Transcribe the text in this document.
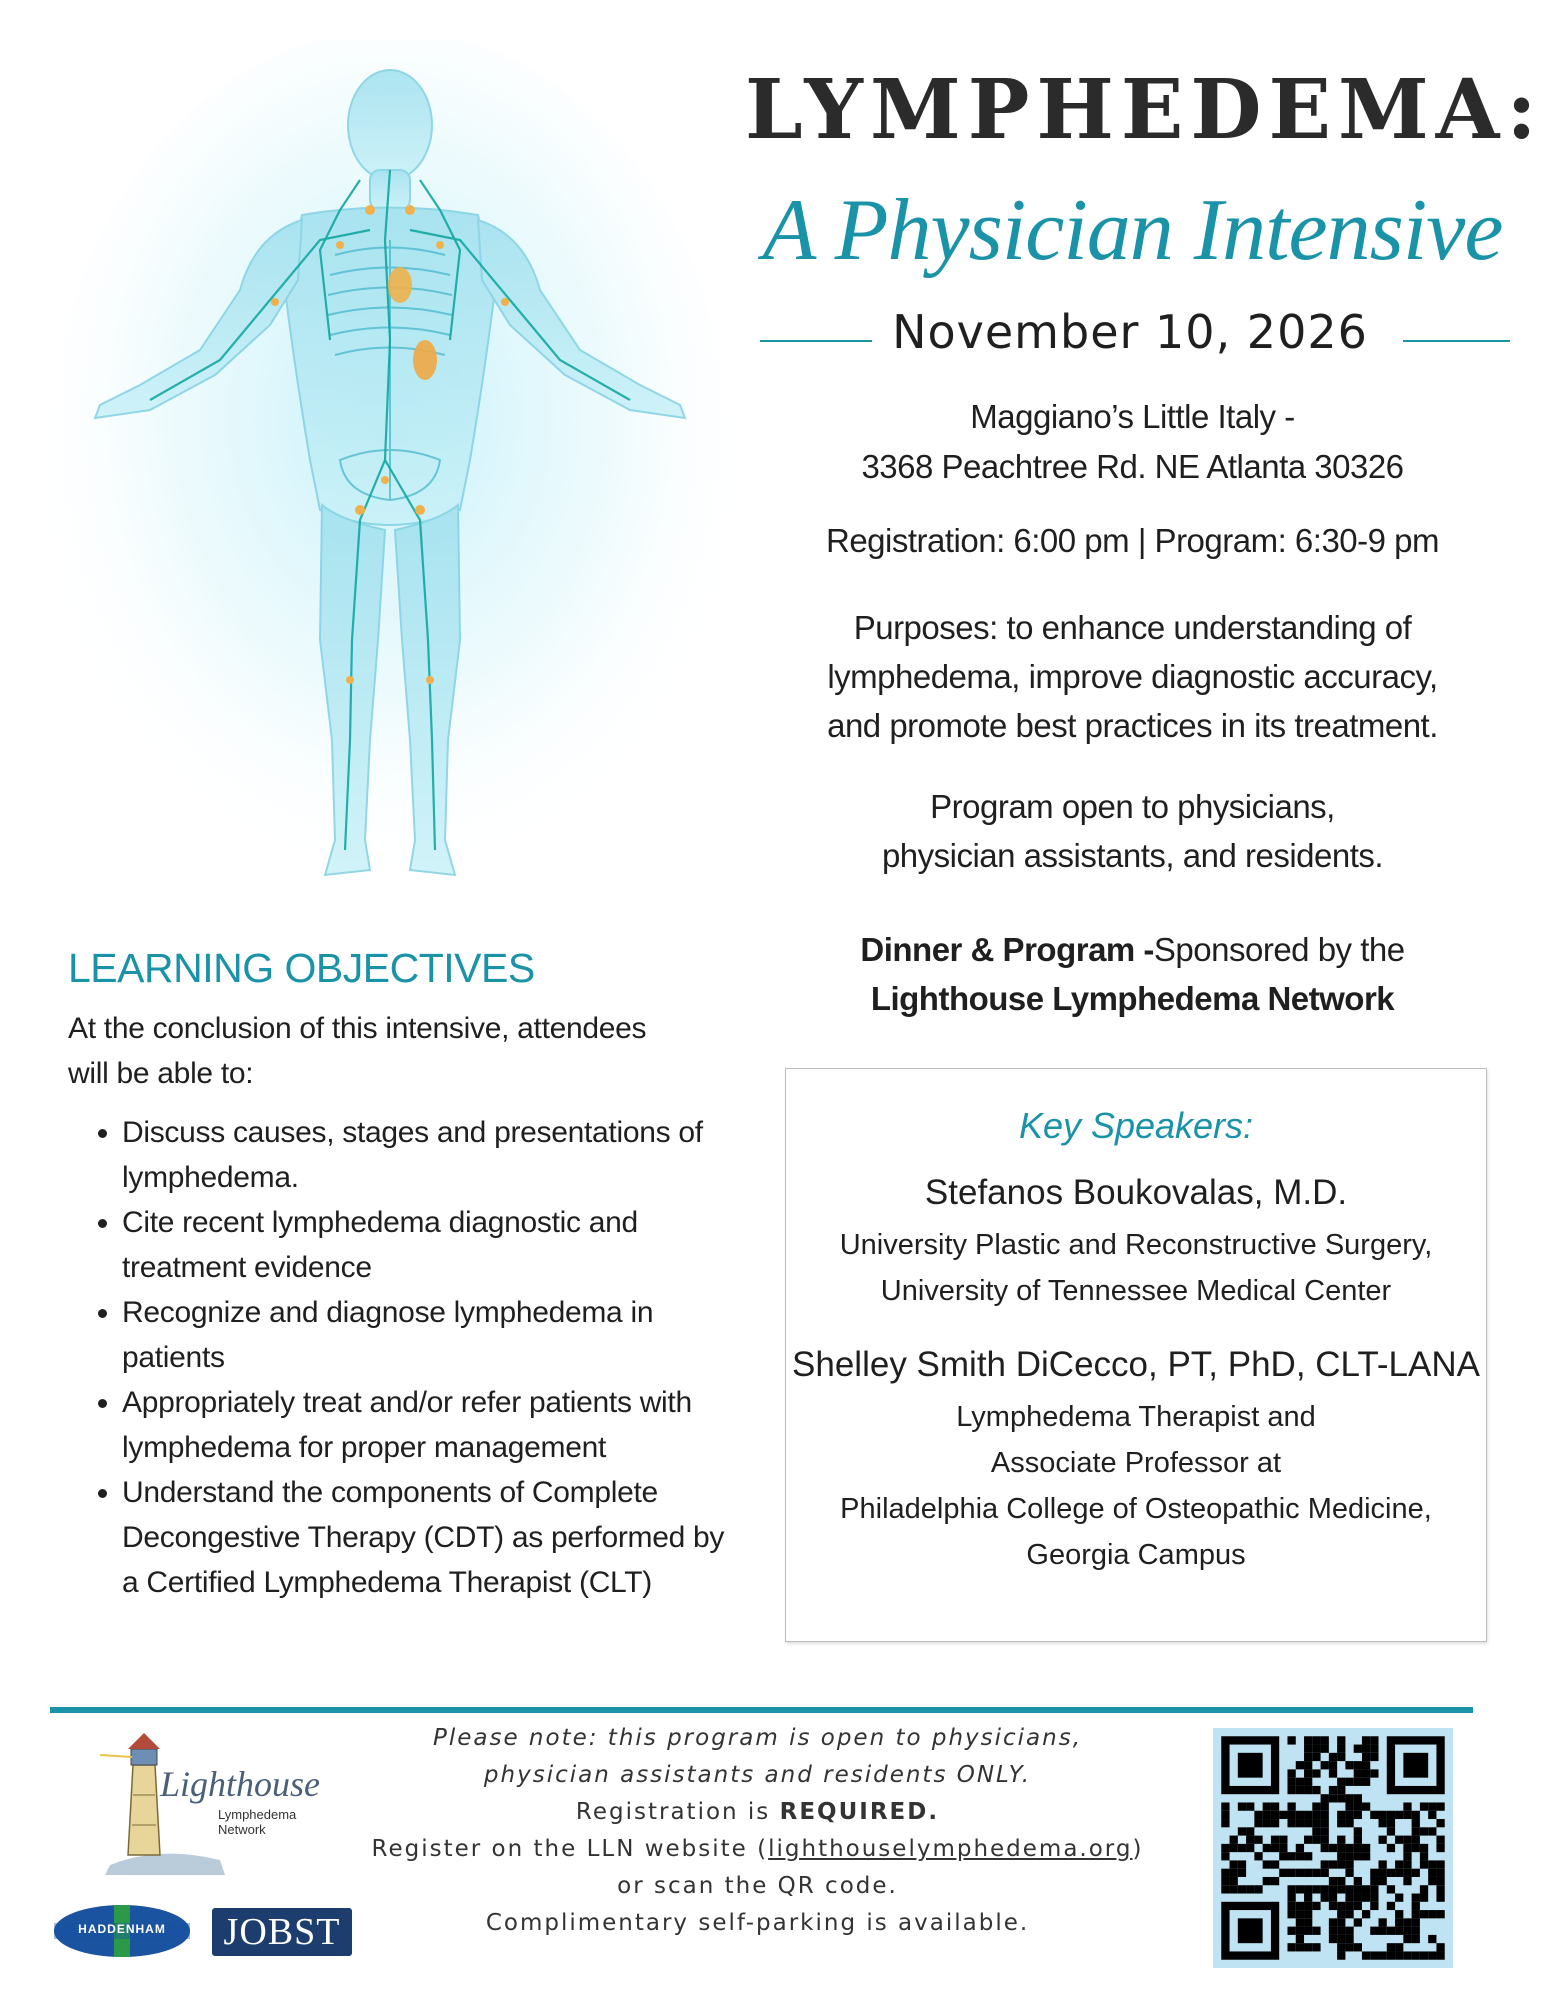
LYMPHEDEMA:
A Physician Intensive
November 10, 2026
Maggiano’s Little Italy -
3368 Peachtree Rd. NE Atlanta 30326
Registration: 6:00 pm | Program: 6:30-9 pm
Purposes: to enhance understanding of
lymphedema, improve diagnostic accuracy,
and promote best practices in its treatment.
Program open to physicians,
physician assistants, and residents.
Dinner & Program -Sponsored by the
Lighthouse Lymphedema Network
Key Speakers:
Stefanos Boukovalas, M.D.
University Plastic and Reconstructive Surgery,
University of Tennessee Medical Center
Shelley Smith DiCecco, PT, PhD, CLT-LANA
Lymphedema Therapist and
Associate Professor at
Philadelphia College of Osteopathic Medicine,
Georgia Campus
LEARNING OBJECTIVES
At the conclusion of this intensive, attendees
will be able to:
• Discuss causes, stages and presentations of lymphedema.
• Cite recent lymphedema diagnostic and treatment evidence
• Recognize and diagnose lymphedema in patients
• Appropriately treat and/or refer patients with lymphedema for proper management
• Understand the components of Complete Decongestive Therapy (CDT) as performed by a Certified Lymphedema Therapist (CLT)
Lighthouse
Lymphedema
Network
HADDENHAM	JOBST
Please note: this program is open to physicians,
physician assistants and residents ONLY.
Registration is REQUIRED.
Register on the LLN website (lighthouselymphedema.org)
or scan the QR code.
Complimentary self-parking is available.
